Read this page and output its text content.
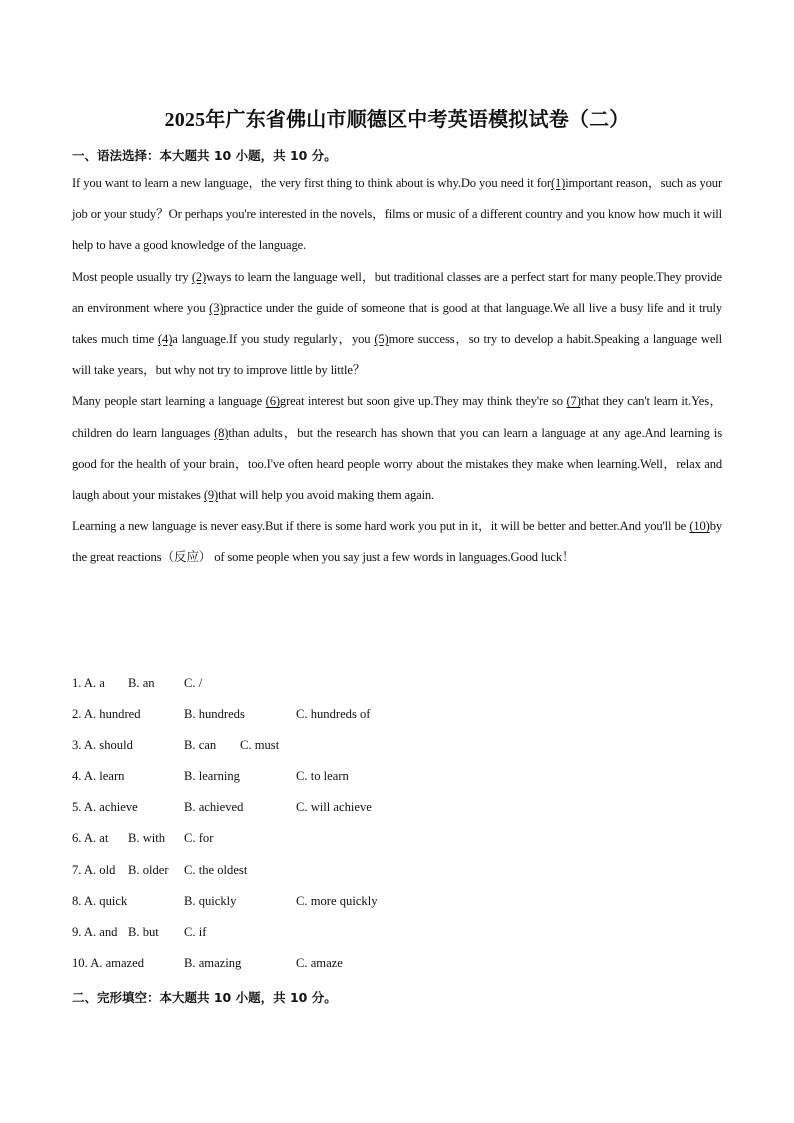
2025年广东省佛山市顺德区中考英语模拟试卷（二）
一、语法选择：本大题共 10 小题，共 10 分。

If you want to learn a new language，the very first thing to think about is why.Do you need it for(1)important reason，such as your job or your study？Or perhaps you're interested in the novels，films or music of a different country and you know how much it will help to have a good knowledge of the language.

Most people usually try (2)ways to learn the language well，but traditional classes are a perfect start for many people.They provide an environment where you (3)practice under the guide of someone that is good at that language.We all live a busy life and it truly takes much time (4)a language.If you study regularly，you (5)more success，so try to develop a habit.Speaking a language well will take years，but why not try to improve little by little？

Many people start learning a language (6)great interest but soon give up.They may think they're so (7)that they can't learn it.Yes，children do learn languages (8)than adults，but the research has shown that you can learn a language at any age.And learning is good for the health of your brain，too.I've often heard people worry about the mistakes they make when learning.Well，relax and laugh about your mistakes (9)that will help you avoid making them again.

Learning a new language is never easy.But if there is some hard work you put in it，it will be better and better.And you'll be (10)by the great reactions（反应） of some people when you say just a few words in languages.Good luck！

1. A. a B. an C. /
2. A. hundred	B. hundreds	C. hundreds of
3. A. should	B. can C. must
4. A. learn	B. learning	C. to learn
5. A. achieve	B. achieved	C. will achieve
6. A. at B. with C. for
7. A. old B. older C. the oldest
8. A. quick	B. quickly	C. more quickly
9. A. and B. but C. if
10. A. amazed	B. amazing	C. amaze
二、完形填空：本大题共 10 小题，共 10 分。
